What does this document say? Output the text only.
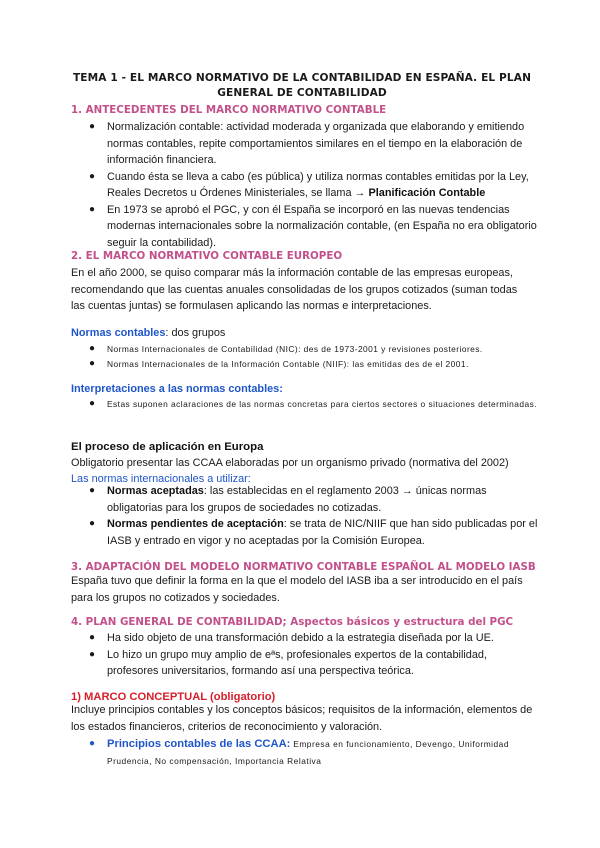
TEMA 1 - EL MARCO NORMATIVO DE LA CONTABILIDAD EN ESPAÑA. EL PLAN
GENERAL DE CONTABILIDAD
1. ANTECEDENTES DEL MARCO NORMATIVO CONTABLE
● Normalización contable: actividad moderada y organizada que elaborando y emitiendo normas contables, repite comportamientos similares en el tiempo en la elaboración de información financiera.
● Cuando ésta se lleva a cabo (es pública) y utiliza normas contables emitidas por la Ley, Reales Decretos u Órdenes Ministeriales, se llama → Planificación Contable
● En 1973 se aprobó el PGC, y con él España se incorporó en las nuevas tendencias modernas internacionales sobre la normalización contable, (en España no era obligatorio seguir la contabilidad).
2. EL MARCO NORMATIVO CONTABLE EUROPEO

En el año 2000, se quiso comparar más la información contable de las empresas europeas, recomendando que las cuentas anuales consolidadas de los grupos cotizados (suman todas las cuentas juntas) se formulasen aplicando las normas e interpretaciones.

Normas contables: dos grupos

● Normas Internacionales de Contabilidad (NIC): des de 1973-2001 y revisiones posteriores.
● Normas Internacionales de la Información Contable (NIIF): las emitidas des de el 2001.

Interpretaciones a las normas contables:

● Estas suponen aclaraciones de las normas concretas para ciertos sectores o situaciones determinadas.
El proceso de aplicación en Europa

Obligatorio presentar las CCAA elaboradas por un organismo privado (normativa del 2002)

Las normas internacionales a utilizar:

● Normas aceptadas: las establecidas en el reglamento 2003 → únicas normas obligatorias para los grupos de sociedades no cotizadas.
● Normas pendientes de aceptación: se trata de NIC/NIIF que han sido publicadas por el IASB y entrado en vigor y no aceptadas por la Comisión Europea.
3. ADAPTACIÓN DEL MODELO NORMATIVO CONTABLE ESPAÑOL AL MODELO IASB

España tuvo que definir la forma en la que el modelo del IASB iba a ser introducido en el país para los grupos no cotizados y sociedades.

4. PLAN GENERAL DE CONTABILIDAD; Aspectos básicos y estructura del PGC
● Ha sido objeto de una transformación debido a la estrategia diseñada por la UE.
● Lo hizo un grupo muy amplio de eªs, profesionales expertos de la contabilidad, profesores universitarios, formando así una perspectiva teórica.
1) MARCO CONCEPTUAL (obligatorio)

Incluye principios contables y los conceptos básicos; requisitos de la información, elementos de los estados financieros, criterios de reconocimiento y valoración.

● Principios contables de las CCAA: Empresa en funcionamiento, Devengo, Uniformidad Prudencia, No compensación, Importancia Relativa
